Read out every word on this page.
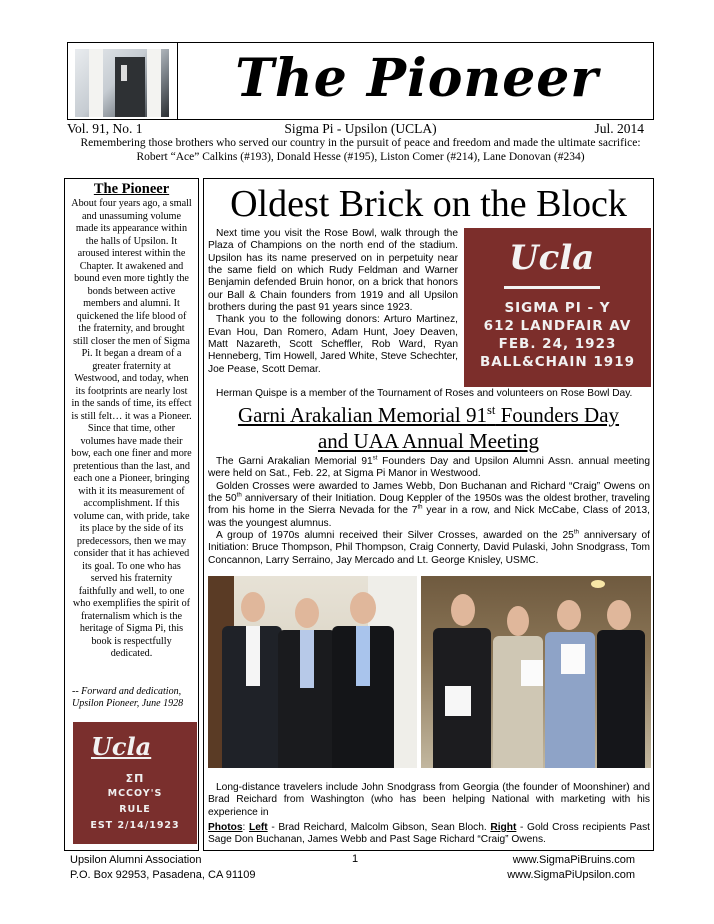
The Pioneer
Vol. 91, No. 1	Sigma Pi - Upsilon (UCLA)	Jul. 2014
Remembering those brothers who served our country in the pursuit of peace and freedom and made the ultimate sacrifice:
Robert “Ace” Calkins (#193), Donald Hesse (#195), Liston Comer (#214), Lane Donovan (#234)
The Pioneer
About four years ago, a small and unassuming volume made its appearance within the halls of Upsilon. It aroused interest within the Chapter. It awakened and bound even more tightly the bonds between active members and alumni. It quickened the life blood of the fraternity, and brought still closer the men of Sigma Pi. It began a dream of a greater fraternity at Westwood, and today, when its footprints are nearly lost in the sands of time, its effect is still felt… it was a Pioneer. Since that time, other volumes have made their bow, each one finer and more pretentious than the last, and each one a Pioneer, bringing with it its measurement of accomplishment. If this volume can, with pride, take its place by the side of its predecessors, then we may consider that it has achieved its goal. To one who has served his fraternity faithfully and well, to one who exemplifies the spirit of fraternalism which is the heritage of Sigma Pi, this book is respectfully dedicated.
-- Forward and dedication,
Upsilon Pioneer, June 1928
Ucla
ΣΠ
MCCOY'S
RULE
EST 2/14/1923
Oldest Brick on the Block
Next time you visit the Rose Bowl, walk through the Plaza of Champions on the north end of the stadium. Upsilon has its name preserved on in perpetuity near the same field on which Rudy Feldman and Warner Benjamin defended Bruin honor, on a brick that honors our Ball & Chain founders from 1919 and all Upsilon brothers during the past 91 years since 1923.
Thank you to the following donors: Arturo Martinez, Evan Hou, Dan Romero, Adam Hunt, Joey Deaven, Matt Nazareth, Scott Scheffler, Rob Ward, Ryan Henneberg, Tim Howell, Jared White, Steve Schechter, Joe Pease, Scott Demar.
Herman Quispe is a member of the Tournament of Roses and volunteers on Rose Bowl Day.
Ucla
SIGMA PI - Y
612 LANDFAIR AV
FEB. 24, 1923
BALL&CHAIN 1919
Garni Arakalian Memorial 91st Founders Day
and UAA Annual Meeting
The Garni Arakalian Memorial 91st Founders Day and Upsilon Alumni Assn. annual meeting were held on Sat., Feb. 22, at Sigma Pi Manor in Westwood.
Golden Crosses were awarded to James Webb, Don Buchanan and Richard “Craig” Owens on the 50th anniversary of their Initiation. Doug Keppler of the 1950s was the oldest brother, traveling from his home in the Sierra Nevada for the 7th year in a row, and Nick McCabe, Class of 2013, was the youngest alumnus.
A group of 1970s alumni received their Silver Crosses, awarded on the 25th anniversary of Initiation: Bruce Thompson, Phil Thompson, Craig Connerty, David Pulaski, John Snodgrass, Tom Concannon, Larry Serraino, Jay Mercado and Lt. George Knisley, USMC.
Long-distance travelers include John Snodgrass from Georgia (the founder of Moonshiner) and Brad Reichard from Washington (who has been helping National with marketing with his experience in
Photos: Left - Brad Reichard, Malcolm Gibson, Sean Bloch. Right - Gold Cross recipients Past Sage Don Buchanan, James Webb and Past Sage Richard “Craig” Owens.
Upsilon Alumni Association
P.O. Box 92953, Pasadena, CA 91109
1	www.SigmaPiBruins.com
www.SigmaPiUpsilon.com
